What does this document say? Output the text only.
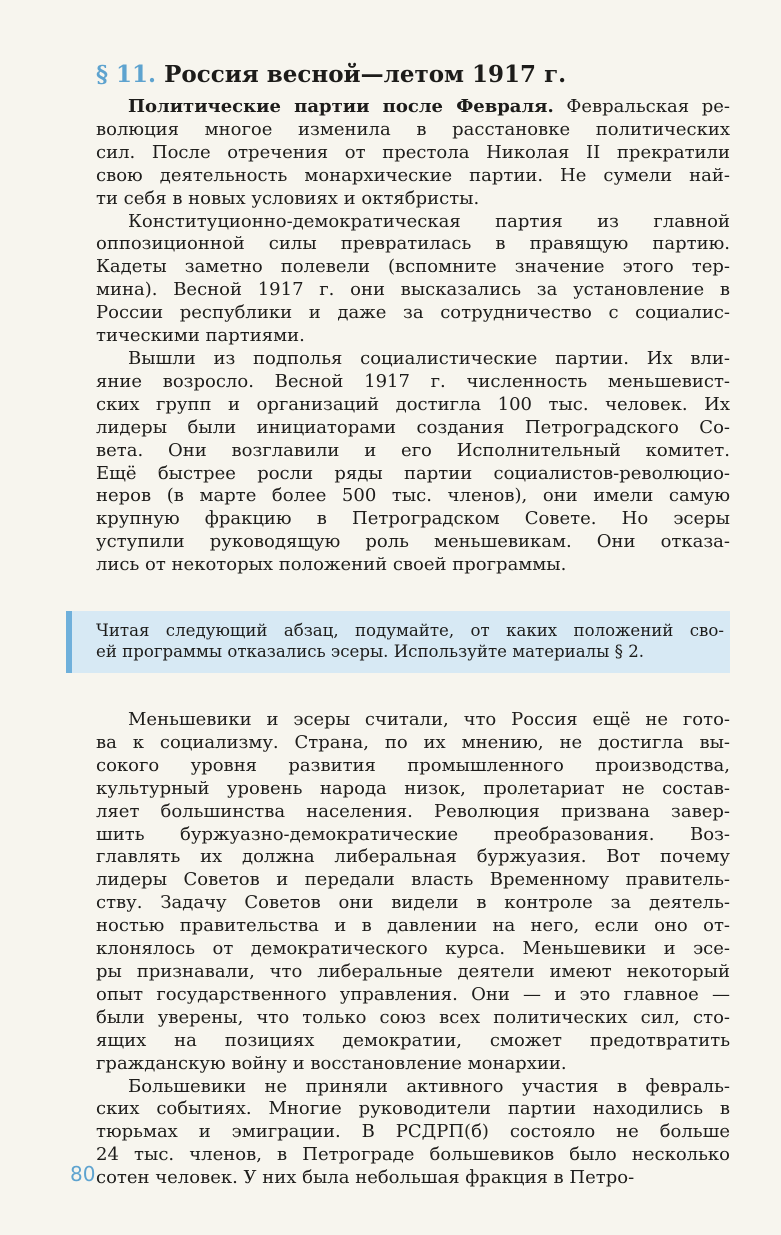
§ 11. Россия весной—летом 1917 г.
Политические партии после Февраля. Февральская ре-
волюция многое изменила в расстановке политических
сил. После отречения от престола Николая II прекратили
свою деятельность монархические партии. Не сумели най-
ти себя в новых условиях и октябристы.
Конституционно-демократическая партия из главной
оппозиционной силы превратилась в правящую партию.
Кадеты заметно полевели (вспомните значение этого тер-
мина). Весной 1917 г. они высказались за установление в
России республики и даже за сотрудничество с социалис-
тическими партиями.
Вышли из подполья социалистические партии. Их вли-
яние возросло. Весной 1917 г. численность меньшевист-
ских групп и организаций достигла 100 тыс. человек. Их
лидеры были инициаторами создания Петроградского Со-
вета. Они возглавили и его Исполнительный комитет.
Ещё быстрее росли ряды партии социалистов-революцио-
неров (в марте более 500 тыс. членов), они имели самую
крупную фракцию в Петроградском Совете. Но эсеры
уступили руководящую роль меньшевикам. Они отказа-
лись от некоторых положений своей программы.
Читая следующий абзац, подумайте, от каких положений сво-
ей программы отказались эсеры. Используйте материалы § 2.
Меньшевики и эсеры считали, что Россия ещё не гото-
ва к социализму. Страна, по их мнению, не достигла вы-
сокого уровня развития промышленного производства,
культурный уровень народа низок, пролетариат не состав-
ляет большинства населения. Революция призвана завер-
шить буржуазно-демократические преобразования. Воз-
главлять их должна либеральная буржуазия. Вот почему
лидеры Советов и передали власть Временному правитель-
ству. Задачу Советов они видели в контроле за деятель-
ностью правительства и в давлении на него, если оно от-
клонялось от демократического курса. Меньшевики и эсе-
ры признавали, что либеральные деятели имеют некоторый
опыт государственного управления. Они — и это главное —
были уверены, что только союз всех политических сил, сто-
ящих на позициях демократии, сможет предотвратить
гражданскую войну и восстановление монархии.
Большевики не приняли активного участия в февраль-
ских событиях. Многие руководители партии находились в
тюрьмах и эмиграции. В РСДРП(б) состояло не больше
24 тыс. членов, в Петрограде большевиков было несколько
сотен человек. У них была небольшая фракция в Петро-
80
